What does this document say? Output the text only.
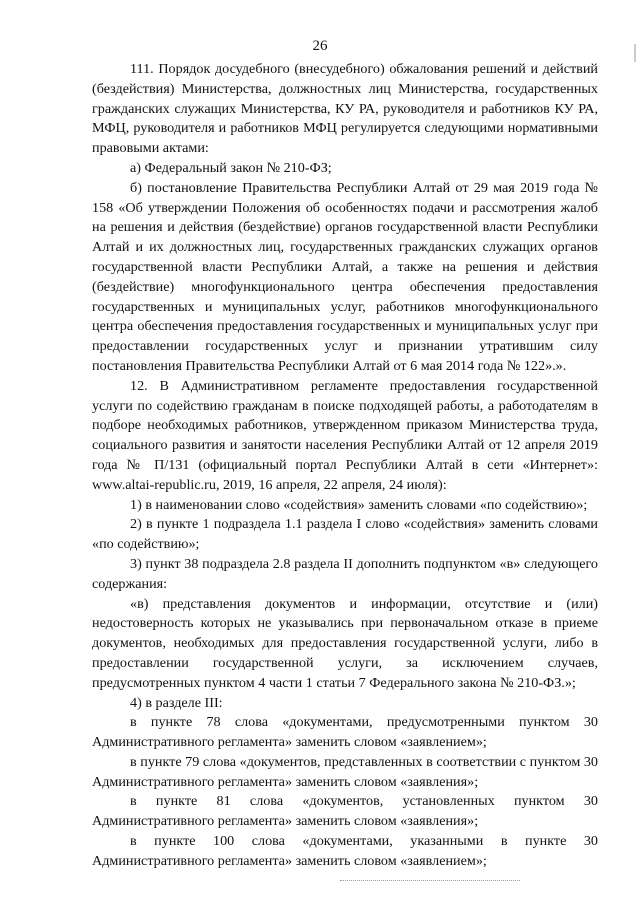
26

111. Порядок досудебного (внесудебного) обжалования решений и действий (бездействия) Министерства, должностных лиц Министерства, государственных гражданских служащих Министерства, КУ РА, руководителя и работников КУ РА, МФЦ, руководителя и работников МФЦ регулируется следующими нормативными правовыми актами:

а) Федеральный закон № 210-ФЗ;

б) постановление Правительства Республики Алтай от 29 мая 2019 года № 158 «Об утверждении Положения об особенностях подачи и рассмотрения жалоб на решения и действия (бездействие) органов государственной власти Республики Алтай и их должностных лиц, государственных гражданских служащих органов государственной власти Республики Алтай, а также на решения и действия (бездействие) многофункционального центра обеспечения предоставления государственных и муниципальных услуг, работников многофункционального центра обеспечения предоставления государственных и муниципальных услуг при предоставлении государственных услуг и признании утратившим силу постановления Правительства Республики Алтай от 6 мая 2014 года № 122».».

12. В Административном регламенте предоставления государственной услуги по содействию гражданам в поиске подходящей работы, а работодателям в подборе необходимых работников, утвержденном приказом Министерства труда, социального развития и занятости населения Республики Алтай от 12 апреля 2019 года № П/131 (официальный портал Республики Алтай в сети «Интернет»: www.altai-republic.ru, 2019, 16 апреля, 22 апреля, 24 июля):

1) в наименовании слово «содействия» заменить словами «по содействию»;

2) в пункте 1 подраздела 1.1 раздела I слово «содействия» заменить словами «по содействию»;

3) пункт 38 подраздела 2.8 раздела II дополнить подпунктом «в» следующего содержания:

«в) представления документов и информации, отсутствие и (или) недостоверность которых не указывались при первоначальном отказе в приеме документов, необходимых для предоставления государственной услуги, либо в предоставлении государственной услуги, за исключением случаев, предусмотренных пунктом 4 части 1 статьи 7 Федерального закона № 210-ФЗ.»;

4) в разделе III:

в пункте 78 слова «документами, предусмотренными пунктом 30 Административного регламента» заменить словом «заявлением»;

в пункте 79 слова «документов, представленных в соответствии с пунктом 30 Административного регламента» заменить словом «заявления»;

в пункте 81 слова «документов, установленных пунктом 30 Административного регламента» заменить словом «заявления»;

в пункте 100 слова «документами, указанными в пункте 30 Административного регламента» заменить словом «заявлением»;
